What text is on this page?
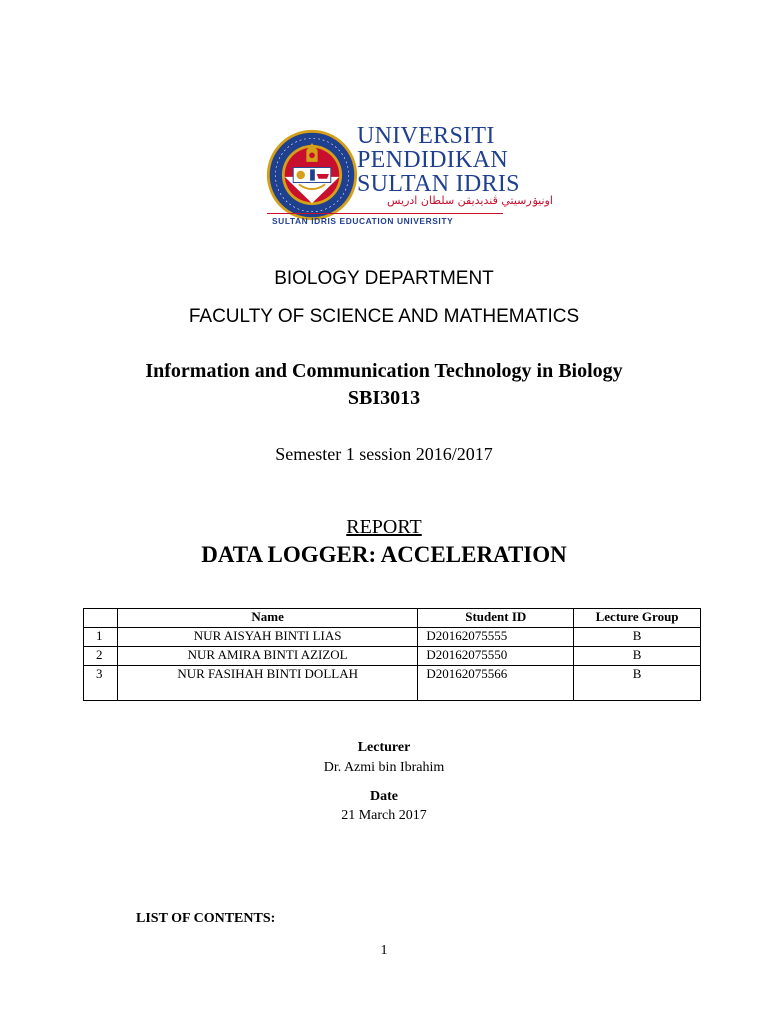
UNIVERSITI
PENDIDIKAN
SULTAN IDRIS
اونيۏرسيتي ڤنديديقن سلطان ادريس
SULTAN IDRIS EDUCATION UNIVERSITY
BIOLOGY DEPARTMENT
FACULTY OF SCIENCE AND MATHEMATICS
Information and Communication Technology in Biology
SBI3013
Semester 1 session 2016/2017
REPORT
DATA LOGGER: ACCELERATION
	Name	Student ID	Lecture Group
1	NUR AISYAH BINTI LIAS	D20162075555	B
2	NUR AMIRA BINTI AZIZOL	D20162075550	B
3	NUR FASIHAH BINTI DOLLAH	D20162075566	B
Lecturer
Dr. Azmi bin Ibrahim
Date
21 March 2017
LIST OF CONTENTS:
1
